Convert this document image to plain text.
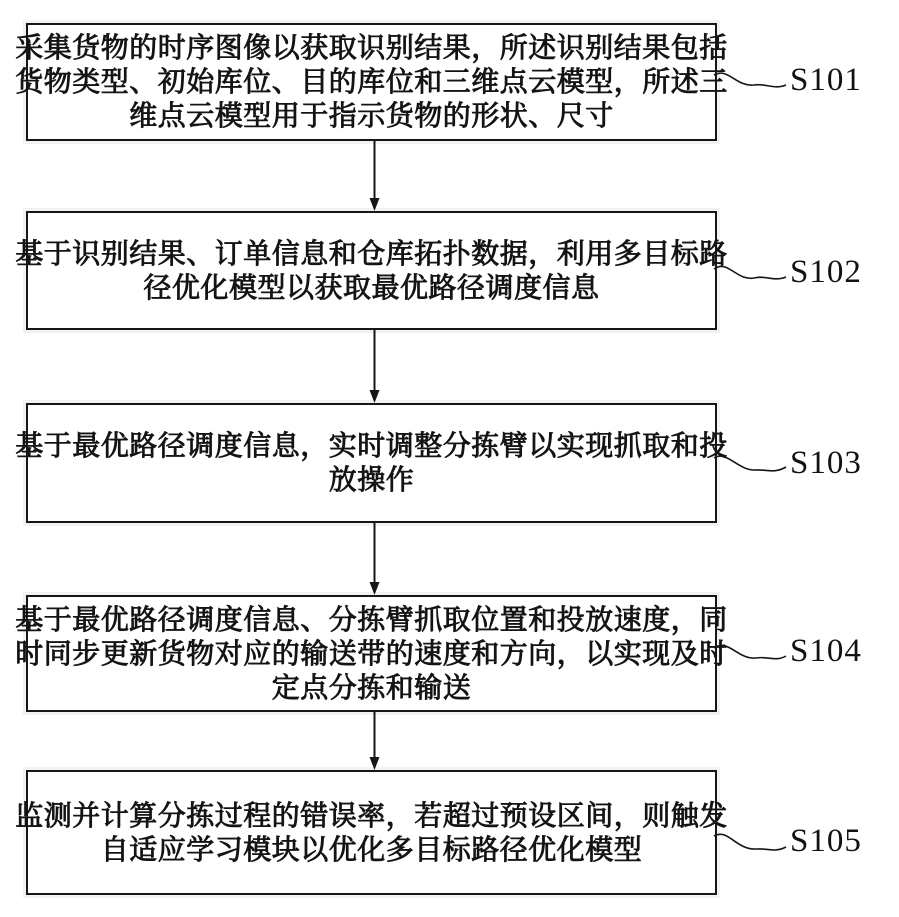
采集货物的时序图像以获取识别结果，所述识别结果包括
货物类型、初始库位、目的库位和三维点云模型，所述三
维点云模型用于指示货物的形状、尺寸
基于识别结果、订单信息和仓库拓扑数据，利用多目标路
径优化模型以获取最优路径调度信息
基于最优路径调度信息，实时调整分拣臂以实现抓取和投
放操作
基于最优路径调度信息、分拣臂抓取位置和投放速度，同
时同步更新货物对应的输送带的速度和方向，以实现及时
定点分拣和输送
监测并计算分拣过程的错误率，若超过预设区间，则触发
自适应学习模块以优化多目标路径优化模型
S101
S102
S103
S104
S105
